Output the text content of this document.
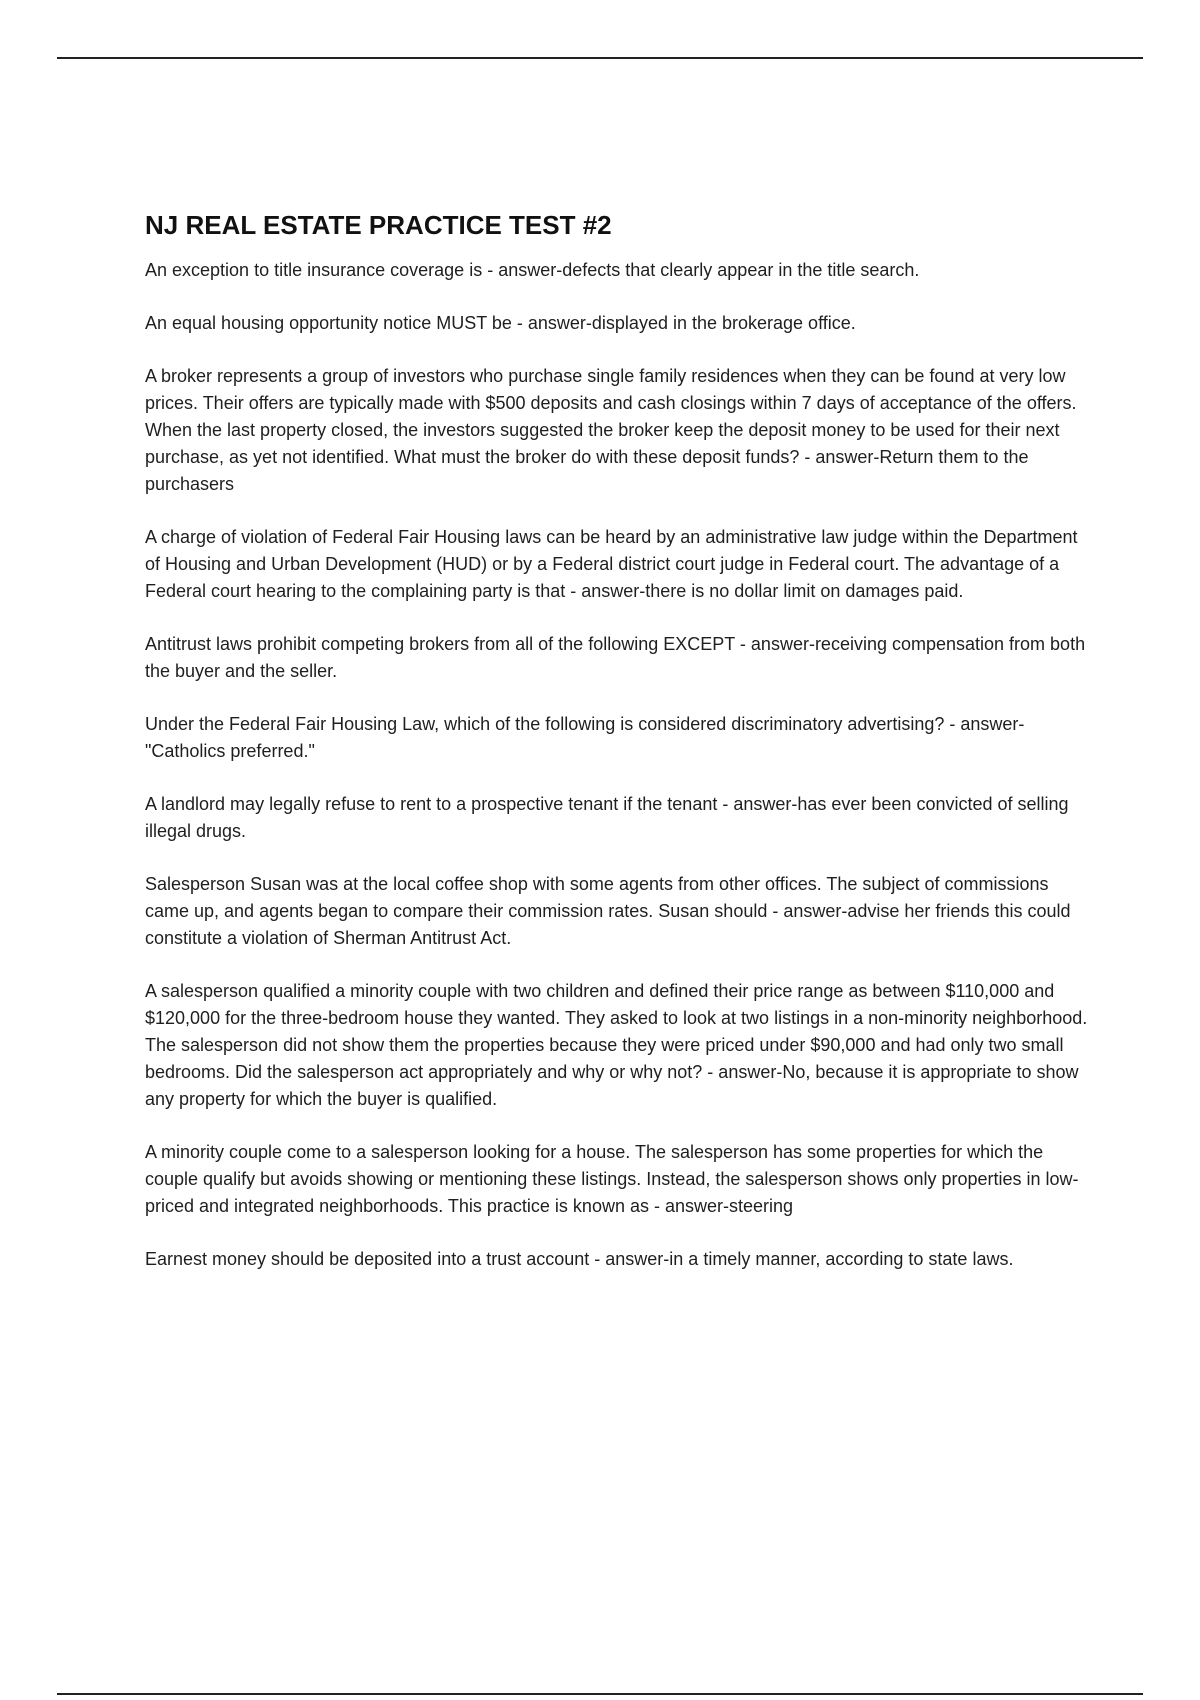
NJ REAL ESTATE PRACTICE TEST #2

An exception to title insurance coverage is - answer-defects that clearly appear in the title search.

An equal housing opportunity notice MUST be - answer-displayed in the brokerage office.

A broker represents a group of investors who purchase single family residences when they can be found at very low prices. Their offers are typically made with $500 deposits and cash closings within 7 days of acceptance of the offers. When the last property closed, the investors suggested the broker keep the deposit money to be used for their next purchase, as yet not identified. What must the broker do with these deposit funds? - answer-Return them to the purchasers

A charge of violation of Federal Fair Housing laws can be heard by an administrative law judge within the Department of Housing and Urban Development (HUD) or by a Federal district court judge in Federal court. The advantage of a Federal court hearing to the complaining party is that - answer-there is no dollar limit on damages paid.

Antitrust laws prohibit competing brokers from all of the following EXCEPT - answer-receiving compensation from both the buyer and the seller.

Under the Federal Fair Housing Law, which of the following is considered discriminatory advertising? - answer-"Catholics preferred."

A landlord may legally refuse to rent to a prospective tenant if the tenant - answer-has ever been convicted of selling illegal drugs.

Salesperson Susan was at the local coffee shop with some agents from other offices. The subject of commissions came up, and agents began to compare their commission rates. Susan should - answer-advise her friends this could constitute a violation of Sherman Antitrust Act.

A salesperson qualified a minority couple with two children and defined their price range as between $110,000 and $120,000 for the three-bedroom house they wanted. They asked to look at two listings in a non-minority neighborhood. The salesperson did not show them the properties because they were priced under $90,000 and had only two small bedrooms. Did the salesperson act appropriately and why or why not? - answer-No, because it is appropriate to show any property for which the buyer is qualified.

A minority couple come to a salesperson looking for a house. The salesperson has some properties for which the couple qualify but avoids showing or mentioning these listings. Instead, the salesperson shows only properties in low-priced and integrated neighborhoods. This practice is known as - answer-steering

Earnest money should be deposited into a trust account - answer-in a timely manner, according to state laws.
